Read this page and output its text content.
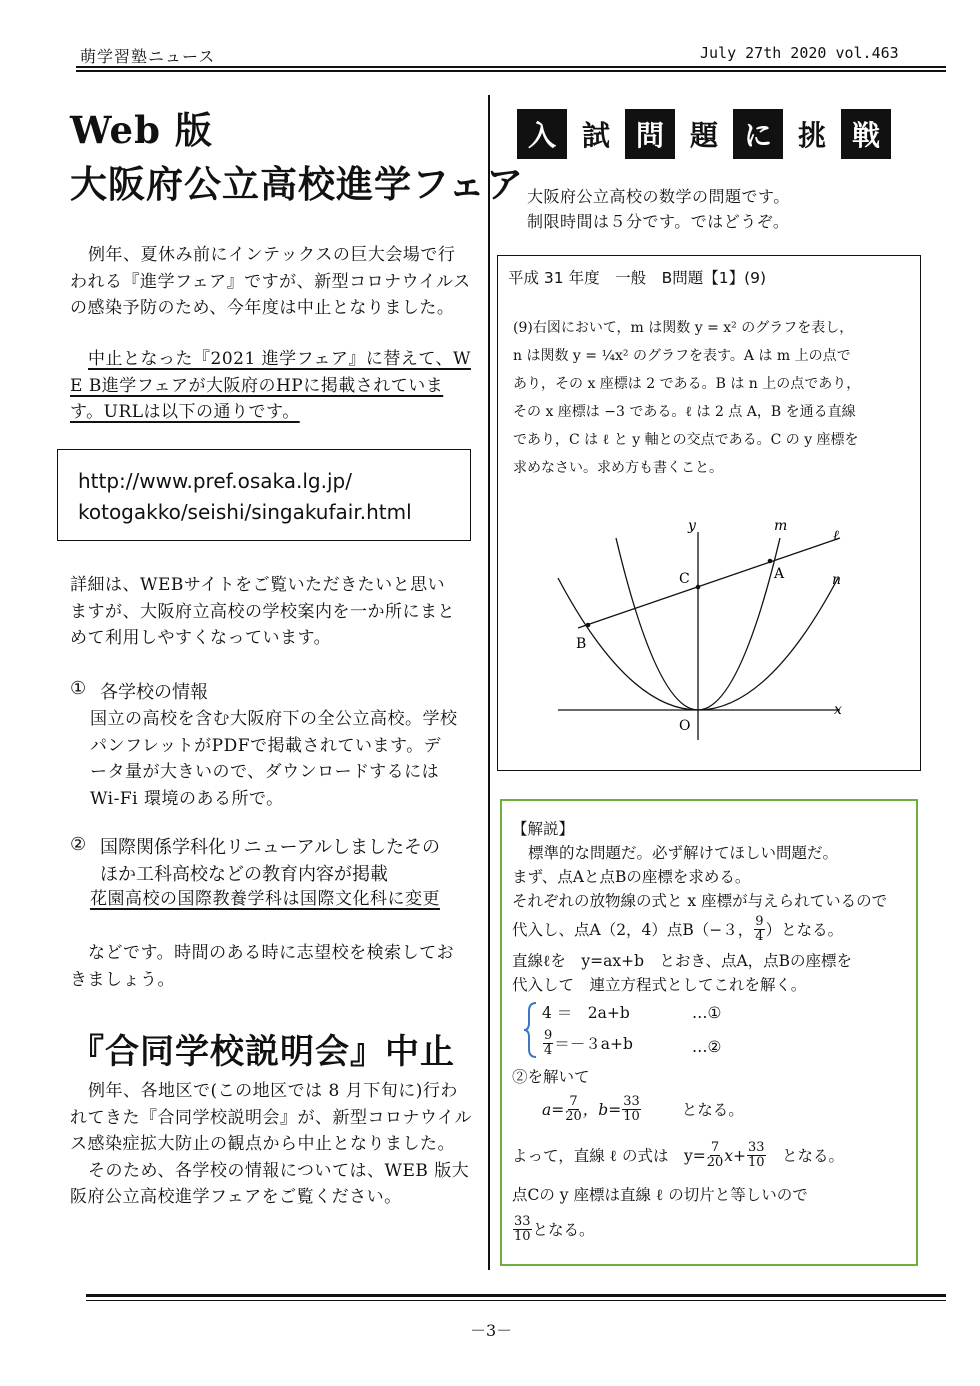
萌学習塾ニュース	July 27th 2020 vol.463
Web 版
大阪府公立高校進学フェア
例年、夏休み前にインテックスの巨大会場で行
われる『進学フェア』ですが、新型コロナウイルス
の感染予防のため、今年度は中止となりました。
中止となった『2021 進学フェア』に替えて、W
E B進学フェアが大阪府のHPに掲載されていま
す。URLは以下の通りです。
http://www.pref.osaka.lg.jp/
kotogakko/seishi/singakufair.html
詳細は、WEBサイトをご覧いただきたいと思い
ますが、大阪府立高校の学校案内を一か所にまと
めて利用しやすくなっています。
① 各学校の情報
国立の高校を含む大阪府下の全公立高校。学校
パンフレットがPDFで掲載されています。デ
ータ量が大きいので、ダウンロードするには
Wi-Fi 環境のある所で。
② 国際関係学科化リニューアルしましたその
ほか工科高校などの教育内容が掲載
花園高校の国際教養学科は国際文化科に変更
などです。時間のある時に志望校を検索してお
きましょう。
『合同学校説明会』中止
例年、各地区で(この地区では 8 月下旬に)行わ
れてきた『合同学校説明会』が、新型コロナウイル
ス感染症拡大防止の観点から中止となりました。
そのため、各学校の情報については、WEB 版大
阪府公立高校進学フェアをご覧ください。
入 試 問 題 に 挑 戦
大阪府公立高校の数学の問題です。
制限時間は５分です。ではどうぞ。
平成 31 年度　一般　B問題【1】(9)
(9)右図において，m は関数 y = x² のグラフを表し，
n は関数 y = ¼x² のグラフを表す。A は m 上の点で
あり，その x 座標は 2 である。B は n 上の点であり，
その x 座標は −3 である。ℓ は 2 点 A，B を通る直線
であり，C は ℓ と y 軸との交点である。C の y 座標を
求めなさい。求め方も書くこと。
y
x
m
ℓ
n
A
B
C
O
【解説】
標準的な問題だ。必ず解けてほしい問題だ。
まず、点Aと点Bの座標を求める。
それぞれの放物線の式と x 座標が与えられているので
代入し、点A（2，4）点B（−３， $\frac{9}{4}$ ）となる。
直線ℓを　y=ax+b　とおき、点A，点Bの座標を
代入して　連立方程式としてこれを解く。
4 ＝　2a+b	…①
$\frac{9}{4} =-3a+b$	…②
②を解いて
$a= \frac{7}{20}$ ，$b= \frac{33}{10}$	となる。
よって，直線 ℓ の式は　$y= \frac{7}{20} x+ \frac{33}{10}$ 　となる。
点Cの y 座標は直線 ℓ の切片と等しいので
$\frac{33}{10}$ となる。
－3－
